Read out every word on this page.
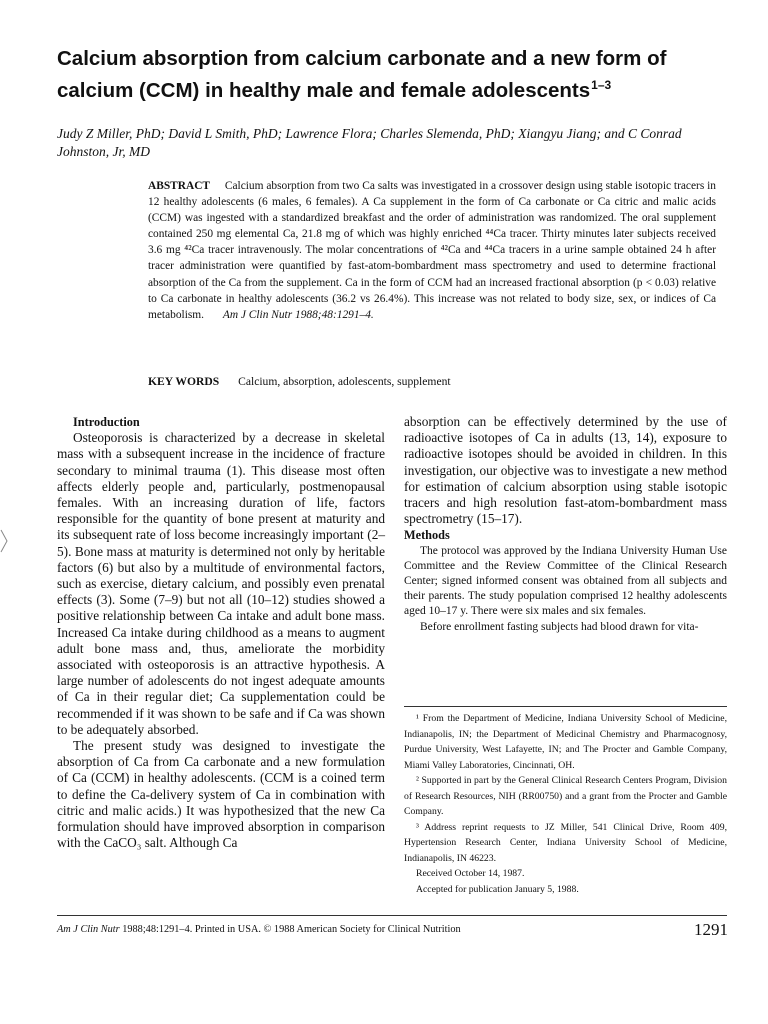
Calcium absorption from calcium carbonate and a new form of calcium (CCM) in healthy male and female adolescents$^{1-3}$

Judy Z Miller, PhD; David L Smith, PhD; Lawrence Flora; Charles Slemenda, PhD; Xiangyu Jiang; and C Conrad Johnston, Jr, MD

ABSTRACT Calcium absorption from two Ca salts was investigated in a crossover design using stable isotopic tracers in 12 healthy adolescents (6 males, 6 females). A Ca supplement in the form of Ca carbonate or Ca citric and malic acids (CCM) was ingested with a standardized breakfast and the order of administration was randomized. The oral supplement contained 250 mg elemental Ca, 21.8 mg of which was highly enriched ⁴⁴Ca tracer. Thirty minutes later subjects received 3.6 mg ⁴²Ca tracer intravenously. The molar concentrations of ⁴²Ca and ⁴⁴Ca tracers in a urine sample obtained 24 h after tracer administration were quantified by fast-atom-bombardment mass spectrometry and used to determine fractional absorption of the Ca from the supplement. Ca in the form of CCM had an increased fractional absorption (p < 0.03) relative to Ca carbonate in healthy adolescents (36.2 vs 26.4%). This increase was not related to body size, sex, or indices of Ca metabolism. Am J Clin Nutr 1988;48:1291–4.

KEY WORDS Calcium, absorption, adolescents, supplement

Introduction

Osteoporosis is characterized by a decrease in skeletal mass with a subsequent increase in the incidence of fracture secondary to minimal trauma (1). This disease most often affects elderly people and, particularly, postmenopausal females. With an increasing duration of life, factors responsible for the quantity of bone present at maturity and its subsequent rate of loss become increasingly important (2–5). Bone mass at maturity is determined not only by heritable factors (6) but also by a multitude of environmental factors, such as exercise, dietary calcium, and possibly even prenatal effects (3). Some (7–9) but not all (10–12) studies showed a positive relationship between Ca intake and adult bone mass. Increased Ca intake during childhood as a means to augment adult bone mass and, thus, ameliorate the morbidity associated with osteoporosis is an attractive hypothesis. A large number of adolescents do not ingest adequate amounts of Ca in their regular diet; Ca supplementation could be recommended if it was shown to be safe and if Ca was shown to be adequately absorbed.

The present study was designed to investigate the absorption of Ca from Ca carbonate and a new formulation of Ca (CCM) in healthy adolescents. (CCM is a coined term to define the Ca-delivery system of Ca in combination with citric and malic acids.) It was hypothesized that the new Ca formulation should have improved absorption in comparison with the CaCO₃ salt. Although Ca

absorption can be effectively determined by the use of radioactive isotopes of Ca in adults (13, 14), exposure to radioactive isotopes should be avoided in children. In this investigation, our objective was to investigate a new method for estimation of calcium absorption using stable isotopic tracers and high resolution fast-atom-bombardment mass spectrometry (15–17).

Methods

The protocol was approved by the Indiana University Human Use Committee and the Review Committee of the Clinical Research Center; signed informed consent was obtained from all subjects and their parents. The study population comprised 12 healthy adolescents aged 10–17 y. There were six males and six females.

Before enrollment fasting subjects had blood drawn for vita-

¹ From the Department of Medicine, Indiana University School of Medicine, Indianapolis, IN; the Department of Medicinal Chemistry and Pharmacognosy, Purdue University, West Lafayette, IN; and The Procter and Gamble Company, Miami Valley Laboratories, Cincinnati, OH.

² Supported in part by the General Clinical Research Centers Program, Division of Research Resources, NIH (RR00750) and a grant from the Procter and Gamble Company.

³ Address reprint requests to JZ Miller, 541 Clinical Drive, Room 409, Hypertension Research Center, Indiana University School of Medicine, Indianapolis, IN 46223.

Received October 14, 1987.

Accepted for publication January 5, 1988.

Am J Clin Nutr 1988;48:1291–4. Printed in USA. © 1988 American Society for Clinical Nutrition	1291
